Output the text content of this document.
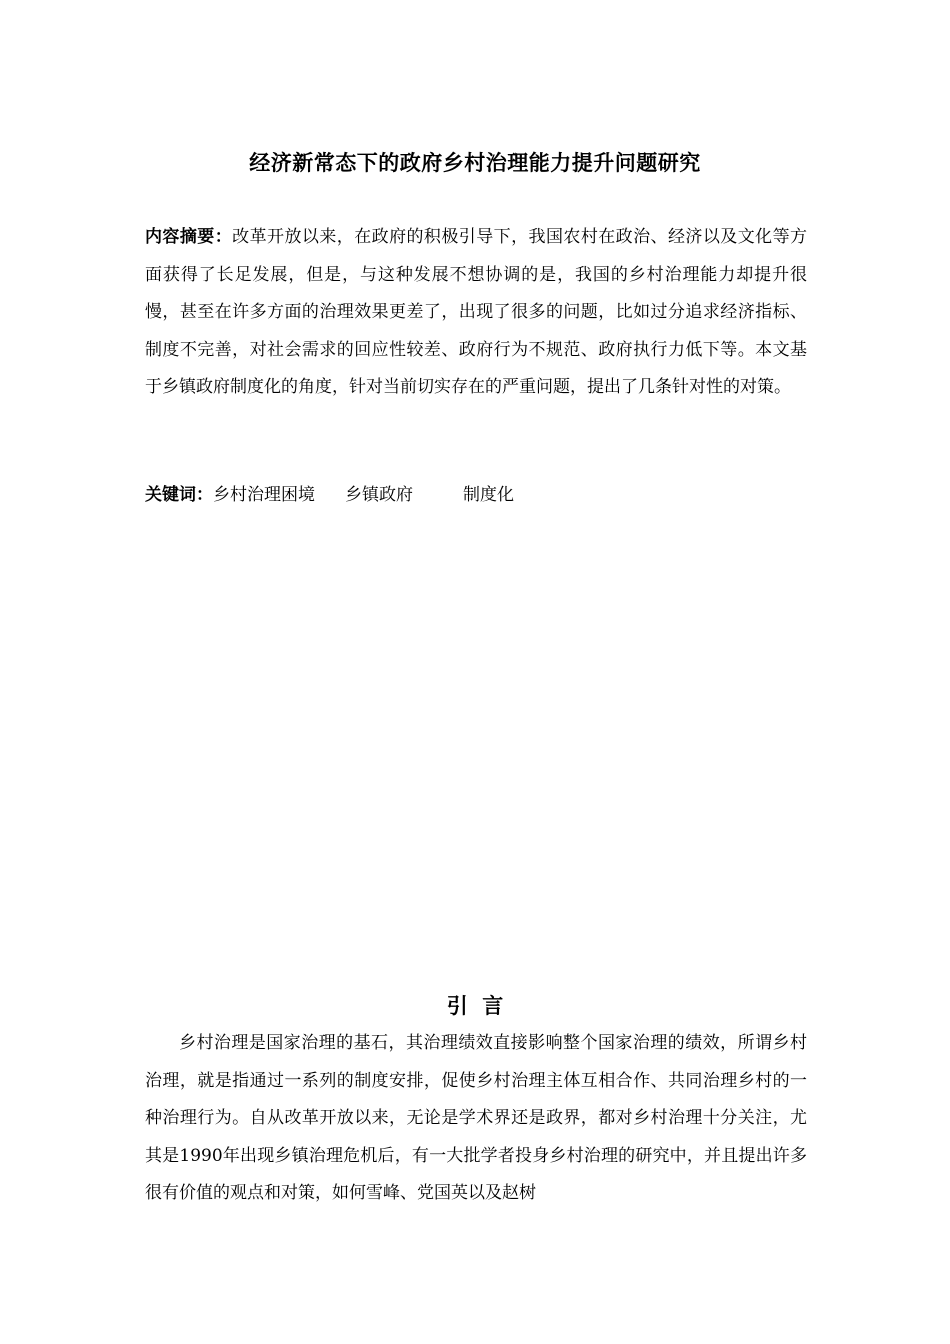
经济新常态下的政府乡村治理能力提升问题研究
内容摘要：改革开放以来，在政府的积极引导下，我国农村在政治、经济以及文化等方面获得了长足发展，但是，与这种发展不想协调的是，我国的乡村治理能力却提升很慢，甚至在许多方面的治理效果更差了，出现了很多的问题，比如过分追求经济指标、制度不完善，对社会需求的回应性较差、政府行为不规范、政府执行力低下等。本文基于乡镇政府制度化的角度，针对当前切实存在的严重问题，提出了几条针对性的对策。
关键词：乡村治理困境 乡镇政府	制度化
引  言
乡村治理是国家治理的基石，其治理绩效直接影响整个国家治理的绩效，所谓乡村治理，就是指通过一系列的制度安排，促使乡村治理主体互相合作、共同治理乡村的一种治理行为。自从改革开放以来，无论是学术界还是政界，都对乡村治理十分关注，尤其是1990年出现乡镇治理危机后，有一大批学者投身乡村治理的研究中，并且提出许多很有价值的观点和对策，如何雪峰、党国英以及赵树
